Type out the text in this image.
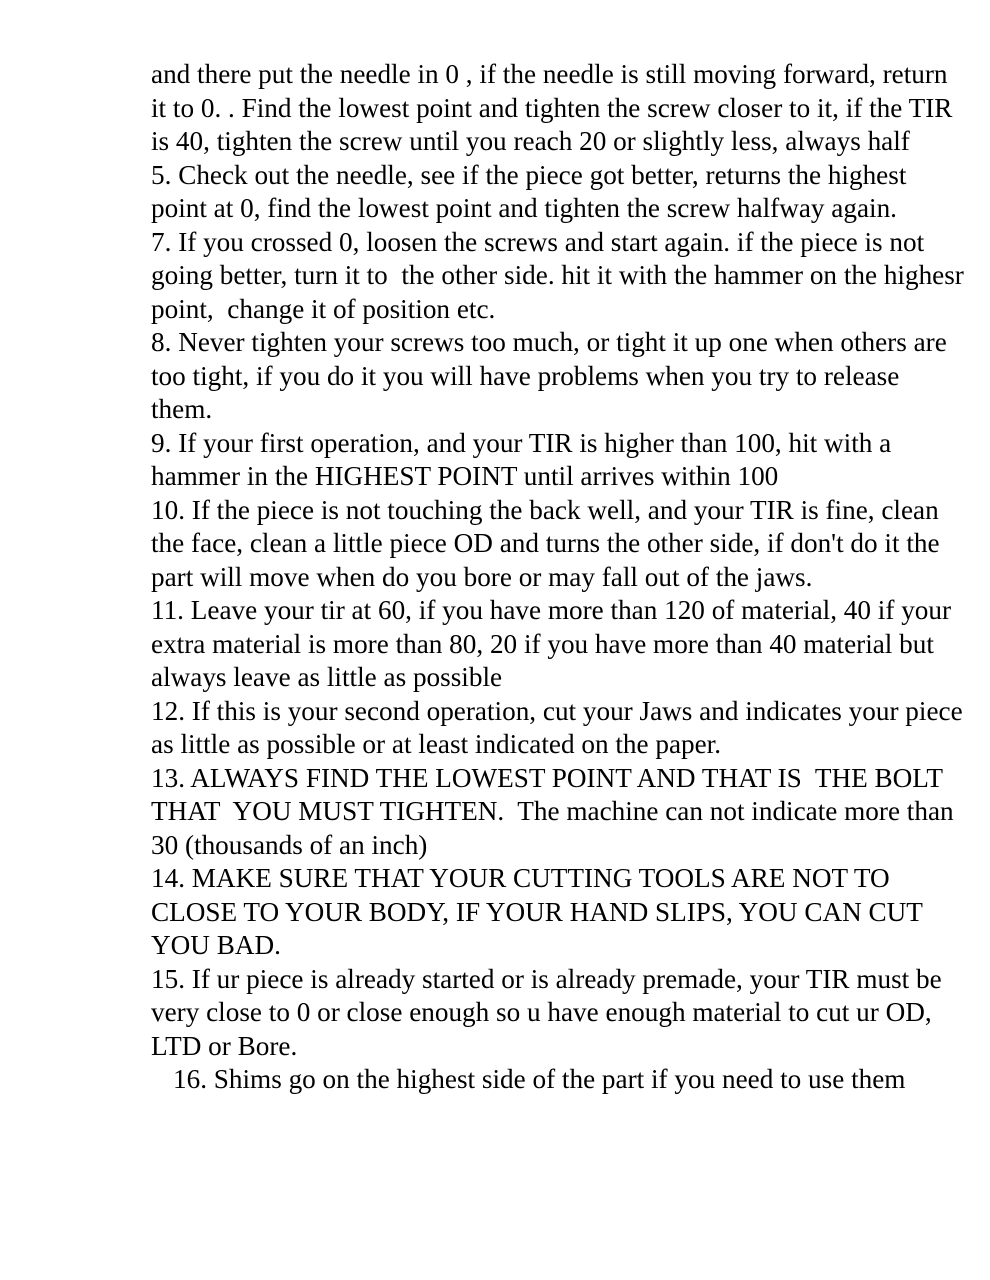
and there put the needle in 0 , if the needle is still moving forward, return it to 0. . Find the lowest point and tighten the screw closer to it, if the TIR is 40, tighten the screw until you reach 20 or slightly less, always half

5. Check out the needle, see if the piece got better, returns the highest point at 0, find the lowest point and tighten the screw halfway again.

7. If you crossed 0, loosen the screws and start again. if the piece is not going better, turn it to  the other side. hit it with the hammer on the highesr point,  change it of position etc.

8. Never tighten your screws too much, or tight it up one when others are too tight, if you do it you will have problems when you try to release them.

9. If your first operation, and your TIR is higher than 100, hit with a hammer in the HIGHEST POINT until arrives within 100

10. If the piece is not touching the back well, and your TIR is fine, clean the face, clean a little piece OD and turns the other side, if don't do it the part will move when do you bore or may fall out of the jaws.

11. Leave your tir at 60, if you have more than 120 of material, 40 if your extra material is more than 80, 20 if you have more than 40 material but always leave as little as possible

12. If this is your second operation, cut your Jaws and indicates your piece as little as possible or at least indicated on the paper.

13. ALWAYS FIND THE LOWEST POINT AND THAT IS  THE BOLT THAT  YOU MUST TIGHTEN.  The machine can not indicate more than 30 (thousands of an inch)

14. MAKE SURE THAT YOUR CUTTING TOOLS ARE NOT TO CLOSE TO YOUR BODY, IF YOUR HAND SLIPS, YOU CAN CUT YOU BAD.

15. If ur piece is already started or is already premade, your TIR must be very close to 0 or close enough so u have enough material to cut ur OD, LTD or Bore.

16. Shims go on the highest side of the part if you need to use them
